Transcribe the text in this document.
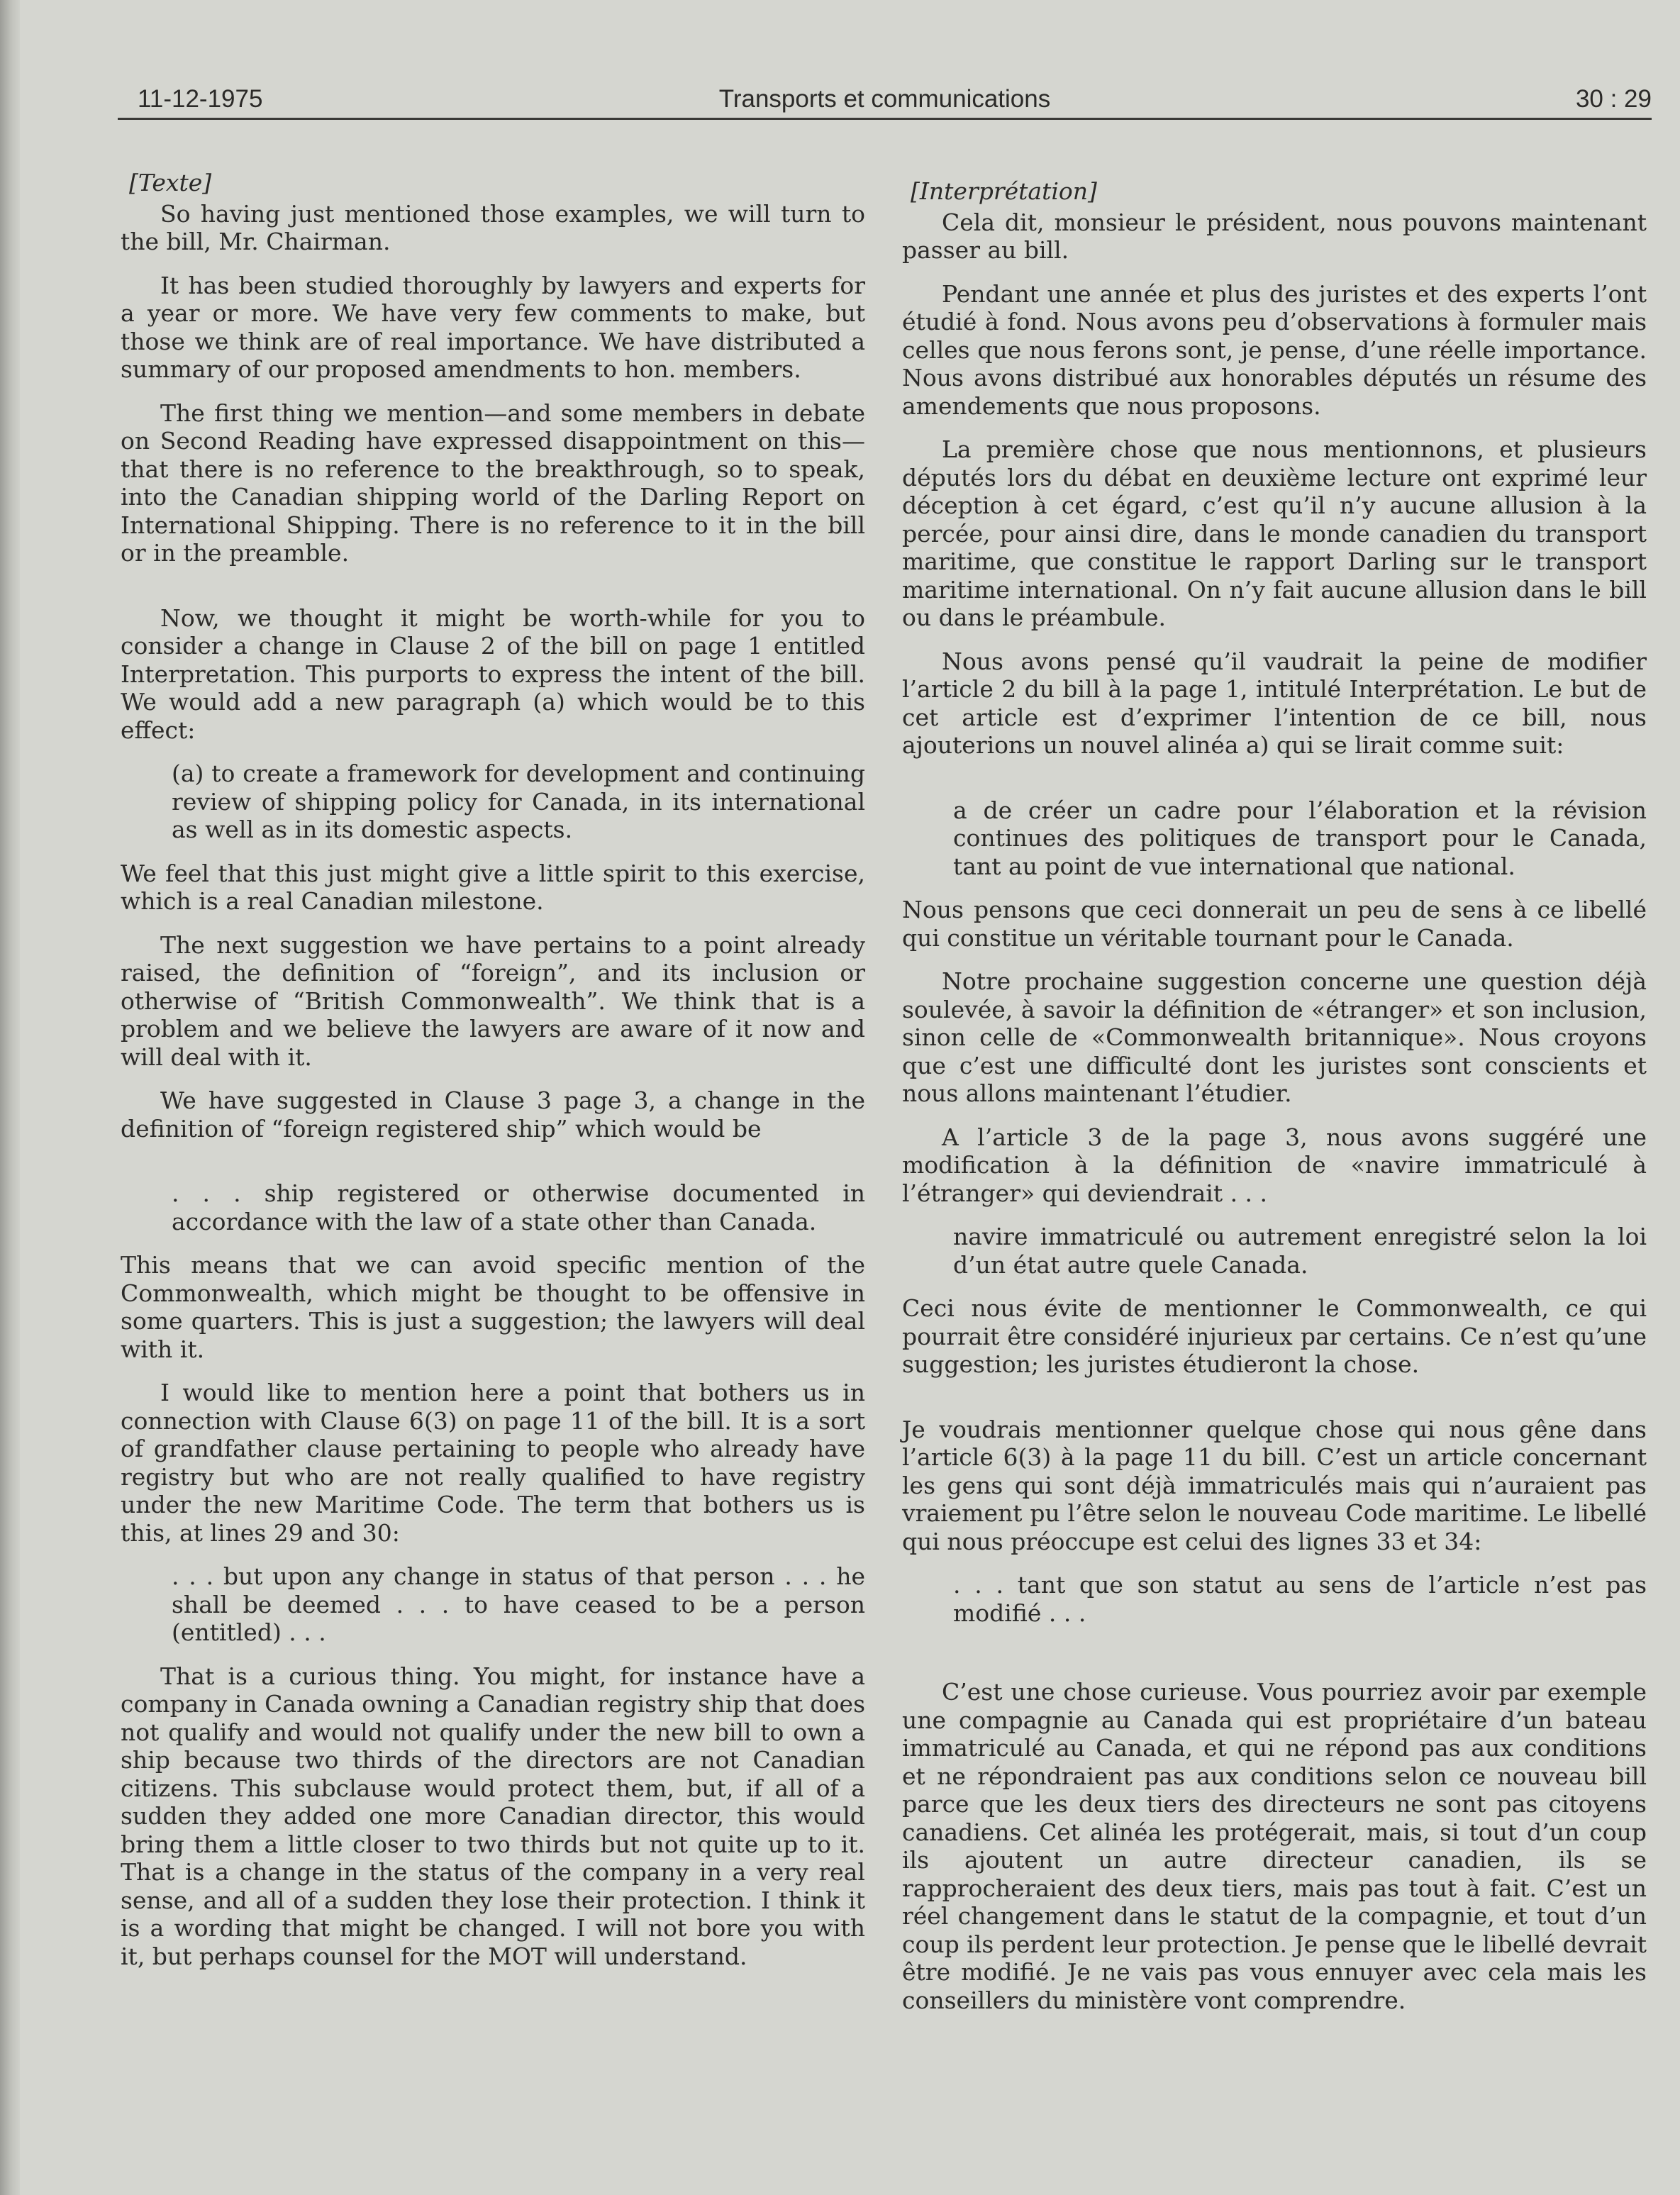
11-12-1975	Transports et communications	30 : 29
[Texte]

So having just mentioned those examples, we will turn to the bill, Mr. Chairman.

It has been studied thoroughly by lawyers and experts for a year or more. We have very few comments to make, but those we think are of real importance. We have distributed a summary of our proposed amendments to hon. members.

The first thing we mention—and some members in debate on Second Reading have expressed disappointment on this—that there is no reference to the breakthrough, so to speak, into the Canadian shipping world of the Darling Report on International Shipping. There is no reference to it in the bill or in the preamble.

Now, we thought it might be worth-while for you to consider a change in Clause 2 of the bill on page 1 entitled Interpretation. This purports to express the intent of the bill. We would add a new paragraph (a) which would be to this effect:

(a) to create a framework for development and continuing review of shipping policy for Canada, in its international as well as in its domestic aspects.

We feel that this just might give a little spirit to this exercise, which is a real Canadian milestone.

The next suggestion we have pertains to a point already raised, the definition of “foreign”, and its inclusion or otherwise of “British Commonwealth”. We think that is a problem and we believe the lawyers are aware of it now and will deal with it.

We have suggested in Clause 3 page 3, a change in the definition of “foreign registered ship” which would be

. . . ship registered or otherwise documented in accordance with the law of a state other than Canada.

This means that we can avoid specific mention of the Commonwealth, which might be thought to be offensive in some quarters. This is just a suggestion; the lawyers will deal with it.

I would like to mention here a point that bothers us in connection with Clause 6(3) on page 11 of the bill. It is a sort of grandfather clause pertaining to people who already have registry but who are not really qualified to have registry under the new Maritime Code. The term that bothers us is this, at lines 29 and 30:

. . . but upon any change in status of that person . . . he shall be deemed . . . to have ceased to be a person (entitled) . . .

That is a curious thing. You might, for instance have a company in Canada owning a Canadian registry ship that does not qualify and would not qualify under the new bill to own a ship because two thirds of the directors are not Canadian citizens. This subclause would protect them, but, if all of a sudden they added one more Canadian director, this would bring them a little closer to two thirds but not quite up to it. That is a change in the status of the company in a very real sense, and all of a sudden they lose their protection. I think it is a wording that might be changed. I will not bore you with it, but perhaps counsel for the MOT will understand.

[Interprétation]

Cela dit, monsieur le président, nous pouvons maintenant passer au bill.

Pendant une année et plus des juristes et des experts l’ont étudié à fond. Nous avons peu d’observations à formuler mais celles que nous ferons sont, je pense, d’une réelle importance. Nous avons distribué aux honorables députés un résume des amendements que nous proposons.

La première chose que nous mentionnons, et plusieurs députés lors du débat en deuxième lecture ont exprimé leur déception à cet égard, c’est qu’il n’y aucune allusion à la percée, pour ainsi dire, dans le monde canadien du transport maritime, que constitue le rapport Darling sur le transport maritime international. On n’y fait aucune allusion dans le bill ou dans le préambule.

Nous avons pensé qu’il vaudrait la peine de modifier l’article 2 du bill à la page 1, intitulé Interprétation. Le but de cet article est d’exprimer l’intention de ce bill, nous ajouterions un nouvel alinéa a) qui se lirait comme suit:

a de créer un cadre pour l’élaboration et la révision continues des politiques de transport pour le Canada, tant au point de vue international que national.

Nous pensons que ceci donnerait un peu de sens à ce libellé qui constitue un véritable tournant pour le Canada.

Notre prochaine suggestion concerne une question déjà soulevée, à savoir la définition de «étranger» et son inclusion, sinon celle de «Commonwealth britannique». Nous croyons que c’est une difficulté dont les juristes sont conscients et nous allons maintenant l’étudier.

A l’article 3 de la page 3, nous avons suggéré une modification à la définition de «navire immatriculé à l’étranger» qui deviendrait . . .

navire immatriculé ou autrement enregistré selon la loi d’un état autre quele Canada.

Ceci nous évite de mentionner le Commonwealth, ce qui pourrait être considéré injurieux par certains. Ce n’est qu’une suggestion; les juristes étudieront la chose.

Je voudrais mentionner quelque chose qui nous gêne dans l’article 6(3) à la page 11 du bill. C’est un article concernant les gens qui sont déjà immatriculés mais qui n’auraient pas vraiement pu l’être selon le nouveau Code maritime. Le libellé qui nous préoccupe est celui des lignes 33 et 34:

. . . tant que son statut au sens de l’article n’est pas modifié . . .

C’est une chose curieuse. Vous pourriez avoir par exemple une compagnie au Canada qui est propriétaire d’un bateau immatriculé au Canada, et qui ne répond pas aux conditions et ne répondraient pas aux conditions selon ce nouveau bill parce que les deux tiers des directeurs ne sont pas citoyens canadiens. Cet alinéa les protégerait, mais, si tout d’un coup ils ajoutent un autre directeur canadien, ils se rapprocheraient des deux tiers, mais pas tout à fait. C’est un réel changement dans le statut de la compagnie, et tout d’un coup ils perdent leur protection. Je pense que le libellé devrait être modifié. Je ne vais pas vous ennuyer avec cela mais les conseillers du ministère vont comprendre.
